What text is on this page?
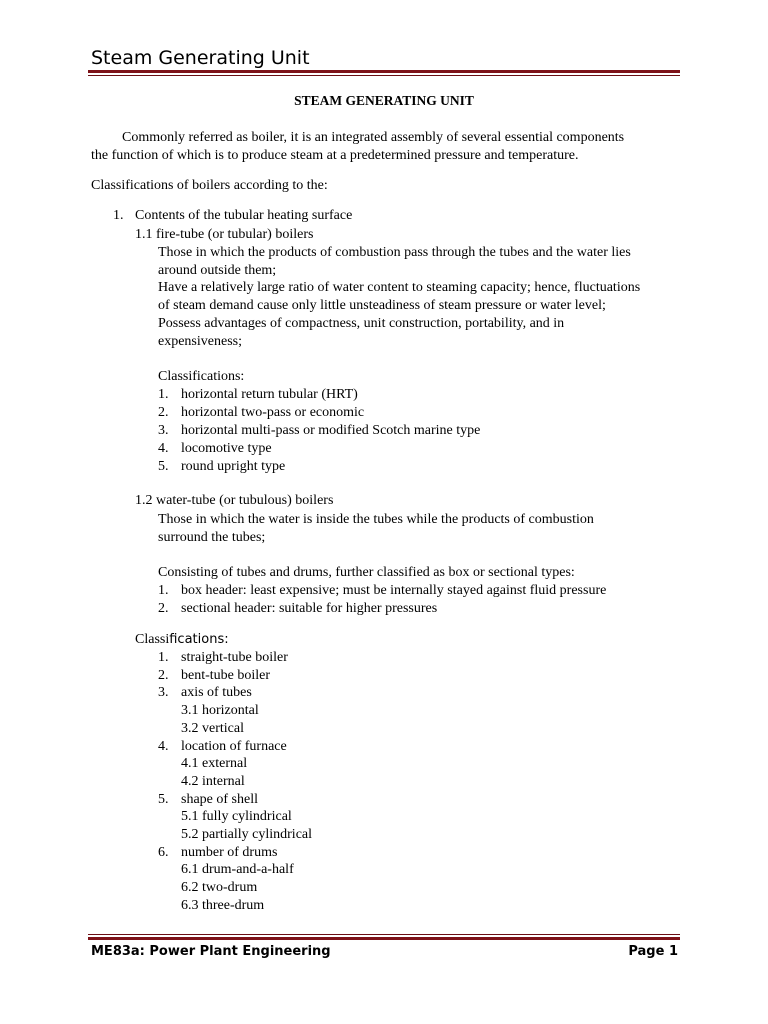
Steam Generating Unit
STEAM GENERATING UNIT
Commonly referred as boiler, it is an integrated assembly of several essential components
the function of which is to produce steam at a predetermined pressure and temperature.
Classifications of boilers according to the:
1. Contents of the tubular heating surface
1.1 fire-tube (or tubular) boilers
Those in which the products of combustion pass through the tubes and the water lies
around outside them;
Have a relatively large ratio of water content to steaming capacity; hence, fluctuations
of steam demand cause only little unsteadiness of steam pressure or water level;
Possess advantages of compactness, unit construction, portability, and in
expensiveness;
Classifications:
1. horizontal return tubular (HRT)
2. horizontal two-pass or economic
3. horizontal multi-pass or modified Scotch marine type
4. locomotive type
5. round upright type
1.2 water-tube (or tubulous) boilers
Those in which the water is inside the tubes while the products of combustion
surround the tubes;
Consisting of tubes and drums, further classified as box or sectional types:
1. box header: least expensive; must be internally stayed against fluid pressure
2. sectional header: suitable for higher pressures
Classifications:
1. straight-tube boiler
2. bent-tube boiler
3. axis of tubes
3.1 horizontal
3.2 vertical
4. location of furnace
4.1 external
4.2 internal
5. shape of shell
5.1 fully cylindrical
5.2 partially cylindrical
6. number of drums
6.1 drum-and-a-half
6.2 two-drum
6.3 three-drum
ME83a: Power Plant Engineering	Page 1
